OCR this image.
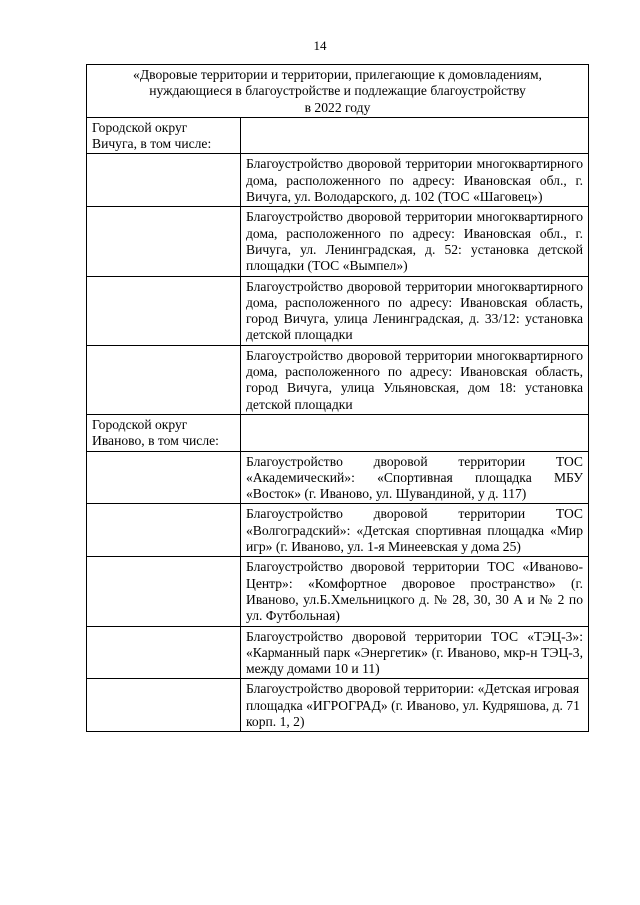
14
«Дворовые территории и территории, прилегающие к домовладениям,
нуждающиеся в благоустройстве и подлежащие благоустройству
в 2022 году	

Городской округ
Вичуга, в том числе:	

	Благоустройство дворовой территории многоквартирного дома, расположенного по адресу: Ивановская обл., г. Вичуга, ул. Володарского, д. 102 (ТОС «Шаговец»)
	Благоустройство дворовой территории многоквартирного дома, расположенного по адресу: Ивановская обл., г. Вичуга, ул. Ленинградская, д. 52: установка детской площадки (ТОС «Вымпел»)
	Благоустройство дворовой территории многоквартирного дома, расположенного по адресу: Ивановская область, город Вичуга, улица Ленинградская, д. 33/12: установка детской площадки
	Благоустройство дворовой территории многоквартирного дома, расположенного по адресу: Ивановская область, город Вичуга, улица Ульяновская, дом 18: установка детской площадки

Городской округ
Иваново, в том числе:	

	Благоустройство дворовой территории ТОС «Академический»: «Спортивная площадка МБУ «Восток» (г. Иваново, ул. Шувандиной, у д. 117)
	Благоустройство дворовой территории ТОС «Волгоградский»: «Детская спортивная площадка «Мир игр» (г. Иваново, ул. 1-я Минеевская у дома 25)
	Благоустройство дворовой территории ТОС «Иваново-Центр»: «Комфортное дворовое пространство» (г. Иваново, ул.Б.Хмельницкого д. № 28, 30, 30 А и № 2 по ул. Футбольная)
	Благоустройство дворовой территории ТОС «ТЭЦ-3»: «Карманный парк «Энергетик» (г. Иваново, мкр-н ТЭЦ-3, между домами 10 и 11)
	Благоустройство дворовой территории: «Детская игровая площадка «ИГРОГРАД» (г. Иваново, ул. Кудряшова, д. 71 корп. 1, 2)
